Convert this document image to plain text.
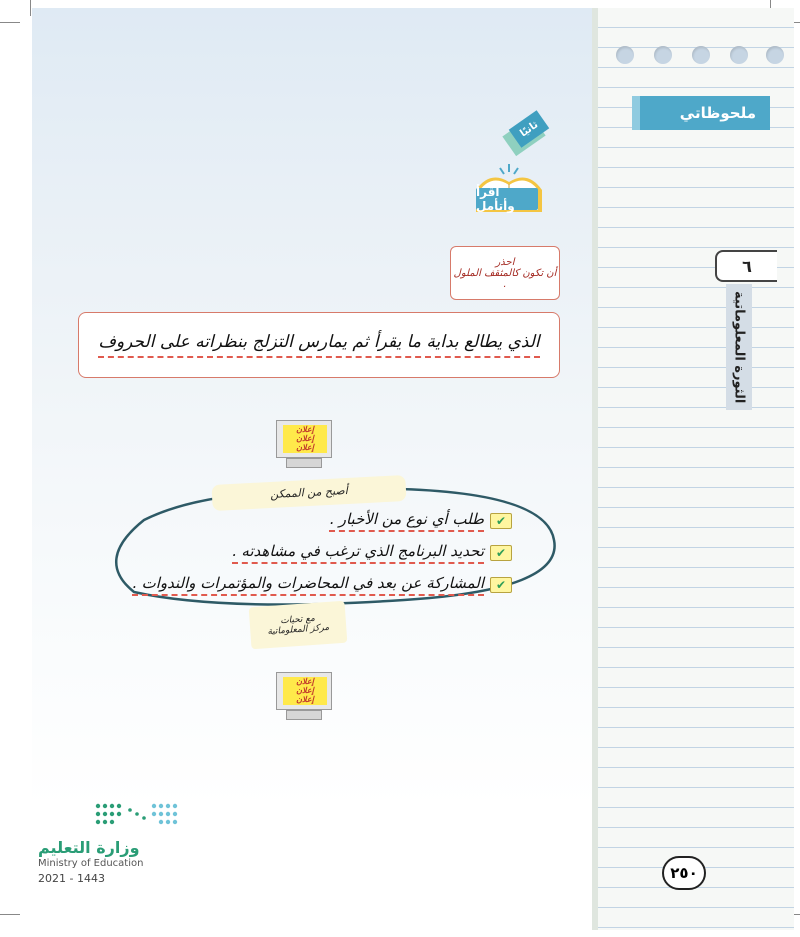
ملحوظاتي
٦
الثورة المعلوماتية
ثانيًا
أقرأ وأتأمل
احذر
أن تكون كالمثقف الملول .
الذي يطالع بداية ما يقرأ ثم يمارس التزلج بنظراته على الحروف
إعلان
إعلان
إعلان
أصبح من الممكن
✔
طلب أي نوع من الأخبار .
✔
تحديد البرنامج الذي ترغب في مشاهدته .
✔
المشاركة عن بعد في المحاضرات والمؤتمرات والندوات .
مع تحيات
مركز المعلوماتية
إعلان
إعلان
إعلان
وزارة التعليم
Ministry of Education
2021 - 1443	٢٥٠
